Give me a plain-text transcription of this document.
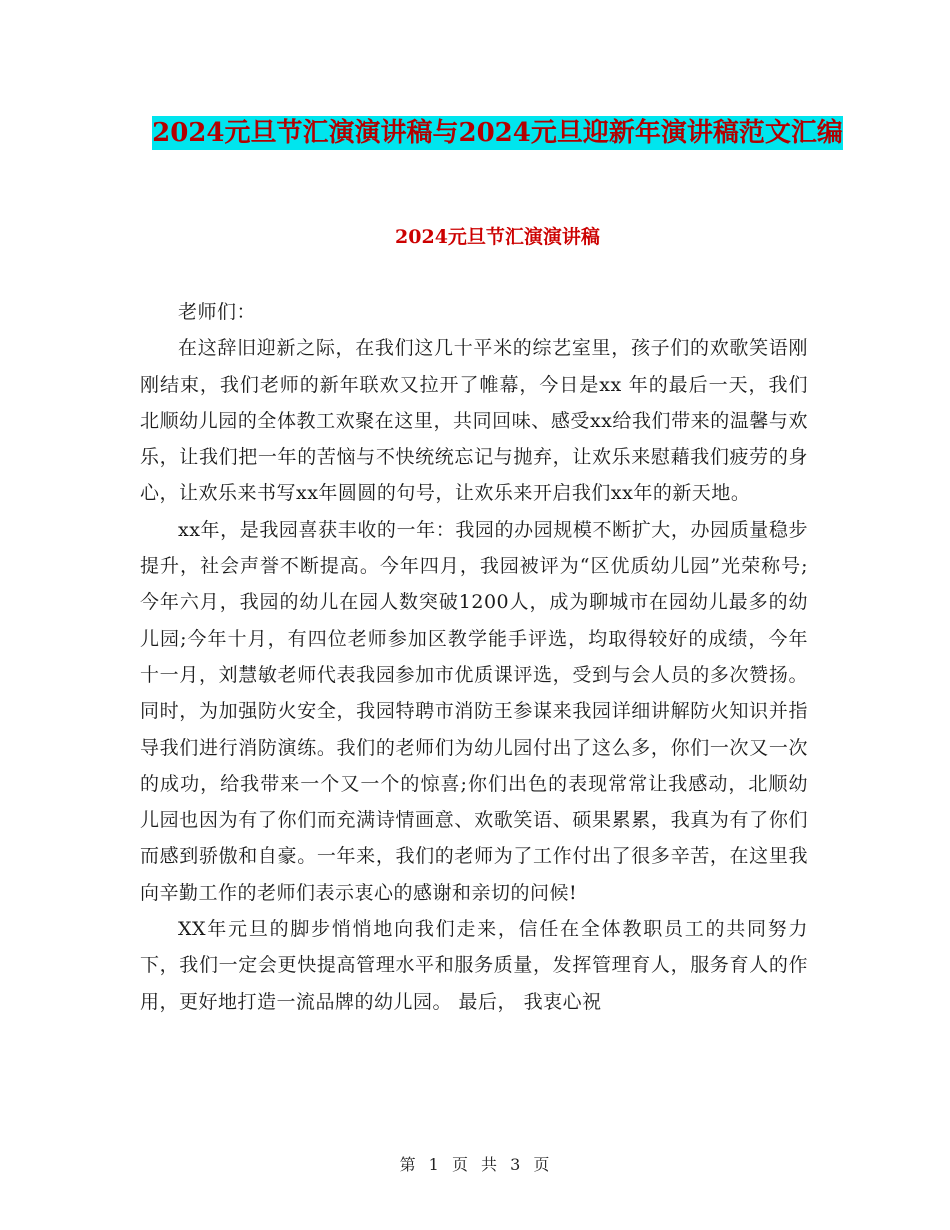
2024元旦节汇演演讲稿与2024元旦迎新年演讲稿范文汇编
2024元旦节汇演演讲稿

老师们：

在这辞旧迎新之际，在我们这几十平米的综艺室里，孩子们的欢歌笑语刚刚结束，我们老师的新年联欢又拉开了帷幕，今日是xx 年的最后一天，我们北顺幼儿园的全体教工欢聚在这里，共同回味、感受xx给我们带来的温馨与欢乐，让我们把一年的苦恼与不快统统忘记与抛弃，让欢乐来慰藉我们疲劳的身心，让欢乐来书写xx年圆圆的句号，让欢乐来开启我们xx年的新天地。

xx年，是我园喜获丰收的一年：我园的办园规模不断扩大，办园质量稳步提升，社会声誉不断提高。今年四月，我园被评为“区优质幼儿园”光荣称号;今年六月，我园的幼儿在园人数突破1200人，成为聊城市在园幼儿最多的幼儿园;今年十月，有四位老师参加区教学能手评选，均取得较好的成绩，今年十一月，刘慧敏老师代表我园参加市优质课评选，受到与会人员的多次赞扬。同时，为加强防火安全，我园特聘市消防王参谋来我园详细讲解防火知识并指导我们进行消防演练。我们的老师们为幼儿园付出了这么多，你们一次又一次的成功，给我带来一个又一个的惊喜;你们出色的表现常常让我感动，北顺幼儿园也因为有了你们而充满诗情画意、欢歌笑语、硕果累累，我真为有了你们而感到骄傲和自豪。一年来，我们的老师为了工作付出了很多辛苦，在这里我向辛勤工作的老师们表示衷心的感谢和亲切的问候!

XX年元旦的脚步悄悄地向我们走来，信任在全体教职员工的共同努力下，我们一定会更快提高管理水平和服务质量，发挥管理育人，服务育人的作用，更好地打造一流品牌的幼儿园。 最后， 我衷心祝

第 1 页 共 3 页
